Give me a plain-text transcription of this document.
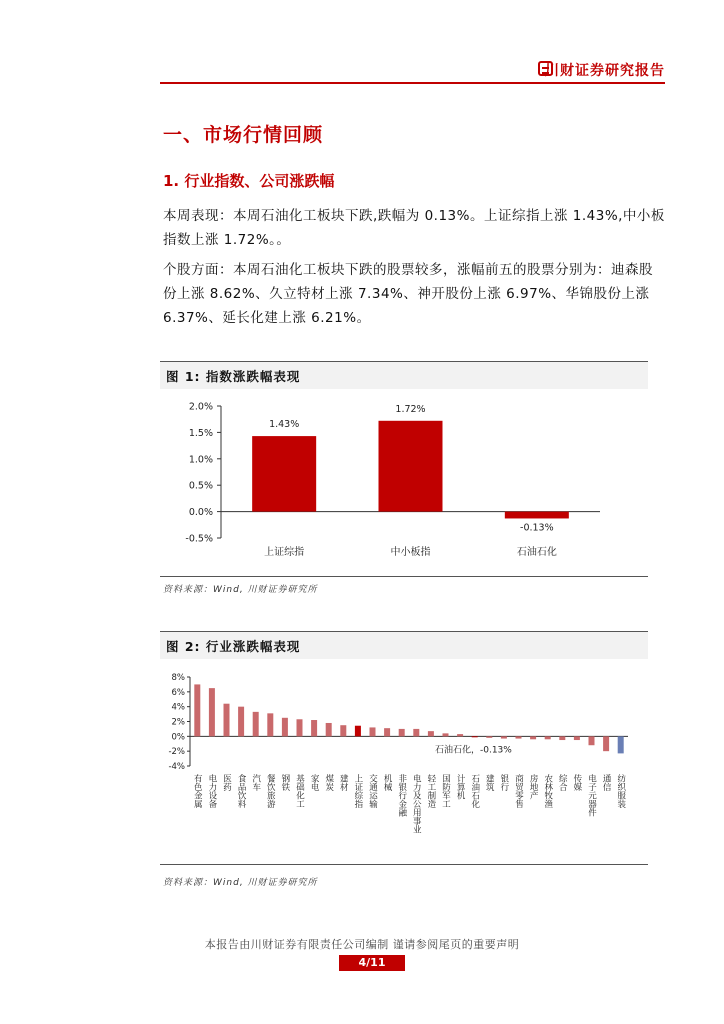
川财证券研究报告
一、市场行情回顾
1. 行业指数、公司涨跌幅
本周表现：本周石油化工板块下跌,跌幅为 0.13%。上证综指上涨 1.43%,中小板指数上涨 1.72%。。
个股方面：本周石油化工板块下跌的股票较多，涨幅前五的股票分别为：迪森股份上涨 8.62%、久立特材上涨 7.34%、神开股份上涨 6.97%、华锦股份上涨 6.37%、延长化建上涨 6.21%。
图 1: 指数涨跌幅表现
2.0%
1.5%
1.0%
0.5%
0.0%
-0.5%
1.43%
上证综指
1.72%
中小板指
-0.13%
石油石化
资料来源：Wind, 川财证券研究所
图 2: 行业涨跌幅表现
8%
6%
4%
2%
0%
-2%
-4%
有色金属 电力设备 医药 食品饮料 汽车 餐饮旅游 钢铁 基础化工 家电 煤炭 建材 上证综指 交通运输 机械 非银行金融 电力及公用事业 轻工制造 国防军工 计算机 石油石化 建筑 银行 商贸零售 房地产 农林牧渔 综合 传媒 电子元器件 通信 纺织服装
石油石化，-0.13%
资料来源：Wind, 川财证券研究所
本报告由川财证券有限责任公司编制 谨请参阅尾页的重要声明
4/11
